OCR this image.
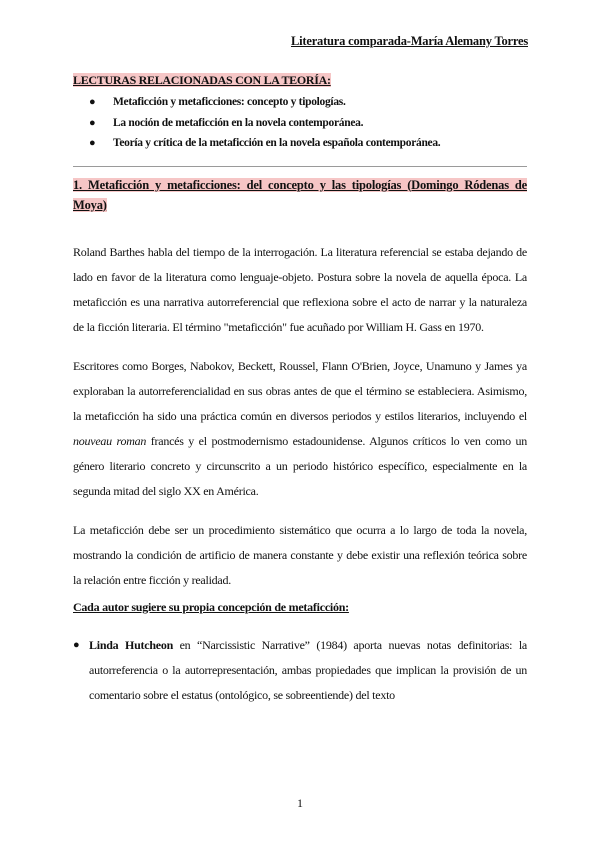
Literatura comparada-María Alemany Torres

LECTURAS RELACIONADAS CON LA TEORÍA:

● Metaficción y metaficciones: concepto y tipologías.
● La noción de metaficción en la novela contemporánea.
● Teoría y crítica de la metaficción en la novela española contemporánea.

1. Metaficción y metaficciones: del concepto y las tipologías (Domingo Ródenas de Moya)

Roland Barthes habla del tiempo de la interrogación. La literatura referencial se estaba dejando de lado en favor de la literatura como lenguaje-objeto. Postura sobre la novela de aquella época. La metaficción es una narrativa autorreferencial que reflexiona sobre el acto de narrar y la naturaleza de la ficción literaria. El término "metaficción" fue acuñado por William H. Gass en 1970.

Escritores como Borges, Nabokov, Beckett, Roussel, Flann O'Brien, Joyce, Unamuno y James ya exploraban la autorreferencialidad en sus obras antes de que el término se estableciera. Asimismo, la metaficción ha sido una práctica común en diversos periodos y estilos literarios, incluyendo el nouveau roman francés y el postmodernismo estadounidense. Algunos críticos lo ven como un género literario concreto y circunscrito a un periodo histórico específico, especialmente en la segunda mitad del siglo XX en América.

La metaficción debe ser un procedimiento sistemático que ocurra a lo largo de toda la novela, mostrando la condición de artificio de manera constante y debe existir una reflexión teórica sobre la relación entre ficción y realidad.

Cada autor sugiere su propia concepción de metaficción:

● Linda Hutcheon en “Narcissistic Narrative” (1984) aporta nuevas notas definitorias: la autorreferencia o la autorrepresentación, ambas propiedades que implican la provisión de un comentario sobre el estatus (ontológico, se sobreentiende) del texto
1
